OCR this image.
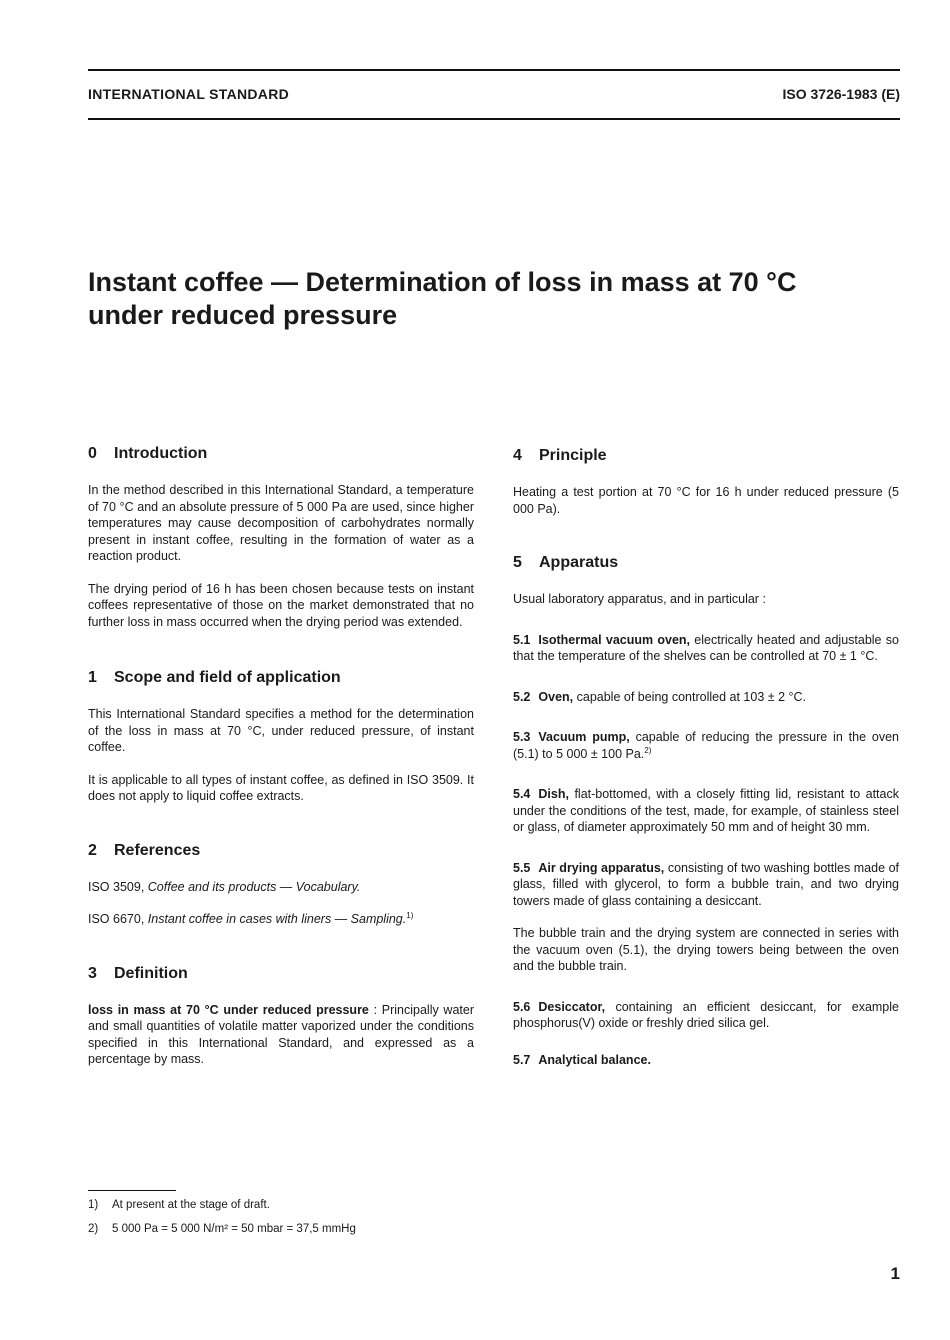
INTERNATIONAL STANDARD	ISO 3726-1983 (E)
Instant coffee — Determination of loss in mass at 70 °C
under reduced pressure
0 Introduction

In the method described in this International Standard, a temperature of 70 °C and an absolute pressure of 5 000 Pa are used, since higher temperatures may cause decomposition of carbohydrates normally present in instant coffee, resulting in the formation of water as a reaction product.

The drying period of 16 h has been chosen because tests on instant coffees representative of those on the market demonstrated that no further loss in mass occurred when the drying period was extended.

1 Scope and field of application

This International Standard specifies a method for the determination of the loss in mass at 70 °C, under reduced pressure, of instant coffee.

It is applicable to all types of instant coffee, as defined in ISO 3509. It does not apply to liquid coffee extracts.

2 References

ISO 3509, Coffee and its products — Vocabulary.

ISO 6670, Instant coffee in cases with liners — Sampling.$^{1)}$

3 Definition

loss in mass at 70 °C under reduced pressure : Principally water and small quantities of volatile matter vaporized under the conditions specified in this International Standard, and expressed as a percentage by mass.

4 Principle

Heating a test portion at 70 °C for 16 h under reduced pressure (5 000 Pa).

5 Apparatus

Usual laboratory apparatus, and in particular :

5.1 Isothermal vacuum oven, electrically heated and adjustable so that the temperature of the shelves can be controlled at 70 ± 1 °C.

5.2 Oven, capable of being controlled at 103 ± 2 °C.

5.3 Vacuum pump, capable of reducing the pressure in the oven (5.1) to 5 000 ± 100 Pa.$^{2)}$

5.4 Dish, flat-bottomed, with a closely fitting lid, resistant to attack under the conditions of the test, made, for example, of stainless steel or glass, of diameter approximately 50 mm and of height 30 mm.

5.5 Air drying apparatus, consisting of two washing bottles made of glass, filled with glycerol, to form a bubble train, and two drying towers made of glass containing a desiccant.

The bubble train and the drying system are connected in series with the vacuum oven (5.1), the drying towers being between the oven and the bubble train.

5.6 Desiccator, containing an efficient desiccant, for example phosphorus(V) oxide or freshly dried silica gel.

5.7 Analytical balance.

1) At present at the stage of draft.

2) 5 000 Pa = 5 000 N/m² = 50 mbar = 37,5 mmHg

1
